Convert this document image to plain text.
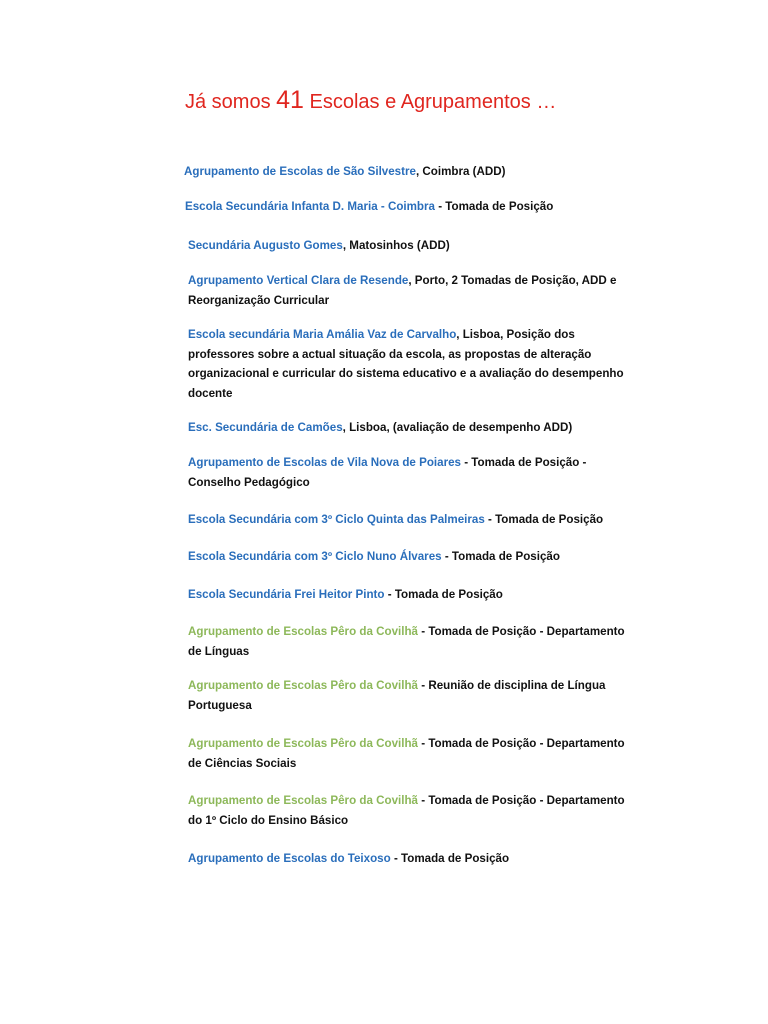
Já somos 41 Escolas e Agrupamentos …
Agrupamento de Escolas de São Silvestre, Coimbra (ADD)
Escola Secundária Infanta D. Maria - Coimbra - Tomada de Posição
Secundária Augusto Gomes, Matosinhos (ADD)
Agrupamento Vertical Clara de Resende, Porto, 2 Tomadas de Posição, ADD e Reorganização Curricular
Escola secundária Maria Amália Vaz de Carvalho, Lisboa, Posição dos professores sobre a actual situação da escola, as propostas de alteração organizacional e curricular do sistema educativo e a avaliação do desempenho docente
Esc. Secundária de Camões, Lisboa, (avaliação de desempenho ADD)
Agrupamento de Escolas de Vila Nova de Poiares - Tomada de Posição - Conselho Pedagógico
Escola Secundária com 3º Ciclo Quinta das Palmeiras - Tomada de Posição
Escola Secundária com 3º Ciclo Nuno Álvares - Tomada de Posição
Escola Secundária Frei Heitor Pinto - Tomada de Posição
Agrupamento de Escolas Pêro da Covilhã - Tomada de Posição - Departamento de Línguas
Agrupamento de Escolas Pêro da Covilhã - Reunião de disciplina de Língua Portuguesa
Agrupamento de Escolas Pêro da Covilhã - Tomada de Posição - Departamento de Ciências Sociais
Agrupamento de Escolas Pêro da Covilhã - Tomada de Posição - Departamento do 1º Ciclo do Ensino Básico
Agrupamento de Escolas do Teixoso - Tomada de Posição
